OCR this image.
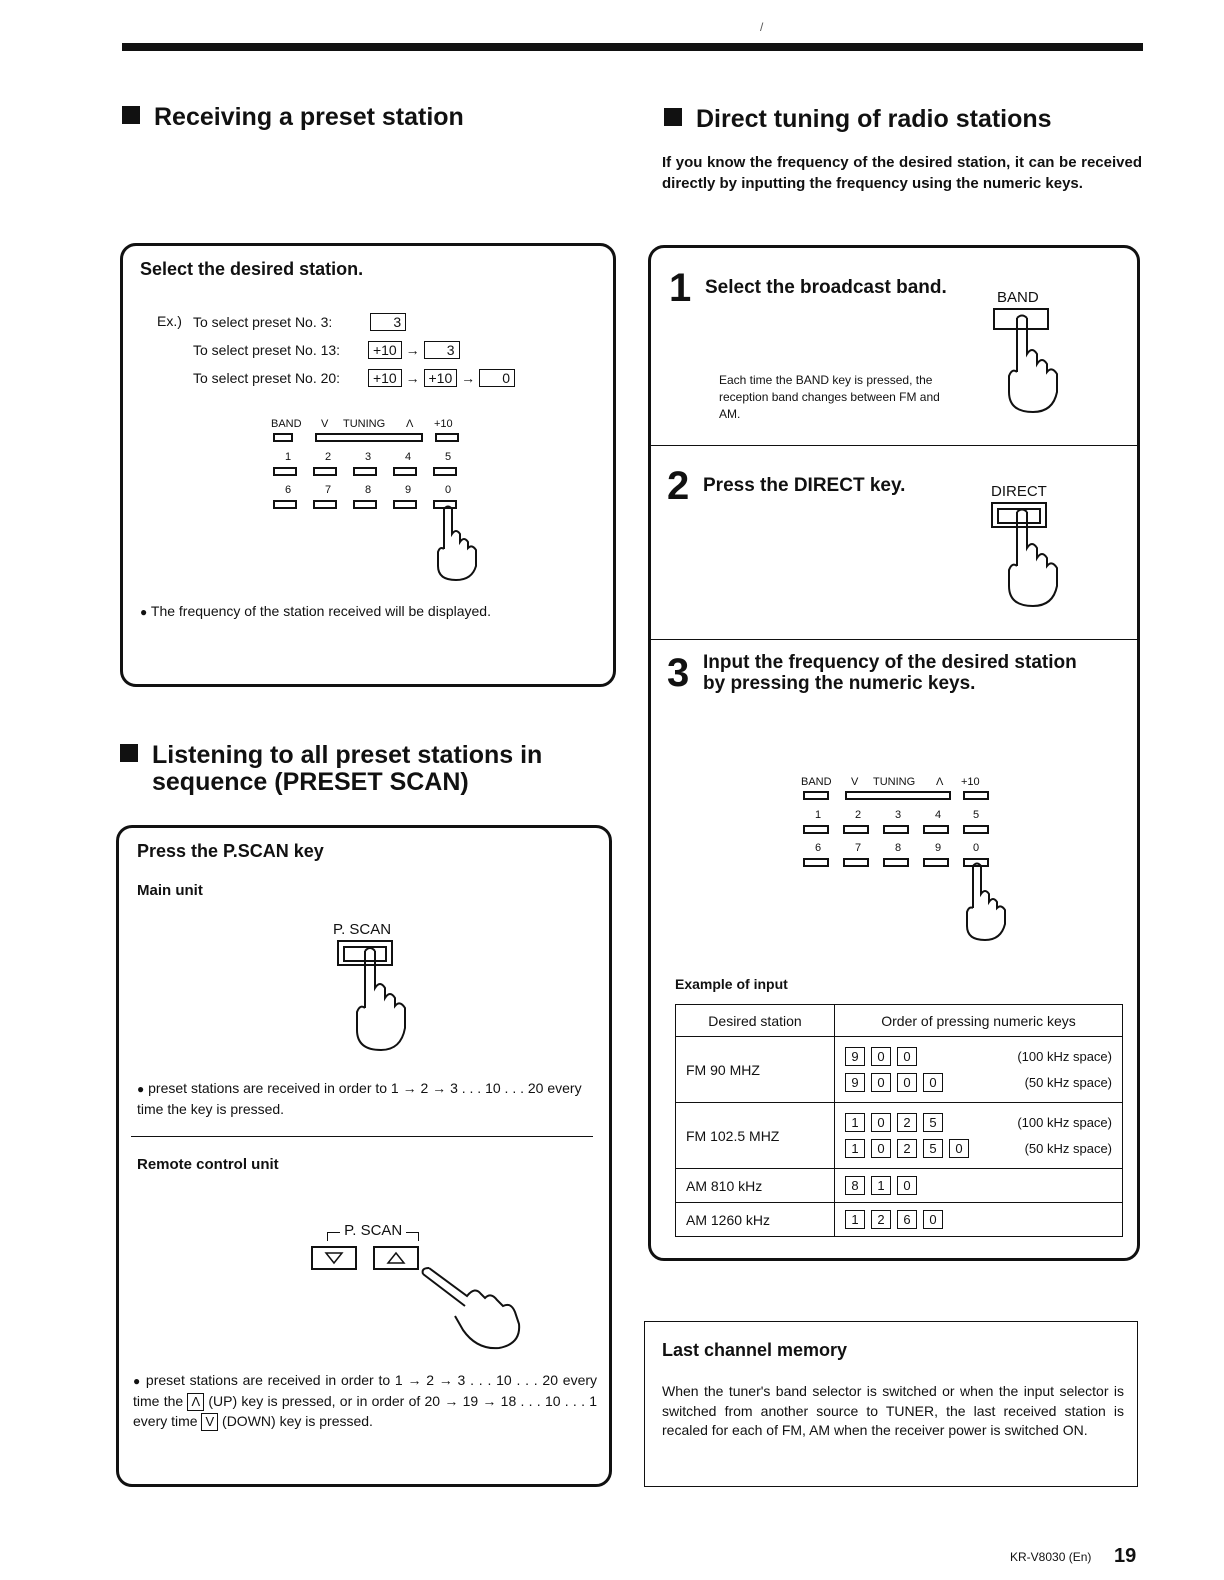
/
Receiving a preset station
Select the desired station.
Ex.) To select preset No. 3:	3
To select preset No. 13: +10 → 3
To select preset No. 20: +10 → +10 → 0
BAND V TUNING Λ +10
1	2	3	4	5
6	7	8	9	0
● The frequency of the station received will be displayed.
Listening to all preset stations in
sequence (PRESET SCAN)
Press the P.SCAN key
Main unit
P. SCAN
● preset stations are received in order to 1 → 2 → 3 . . . 10 . . . 20 every time the key is pressed.
Remote control unit
P. SCAN
● preset stations are received in order to 1 → 2 → 3 . . . 10 . . . 20 every time the Λ (UP) key is pressed, or in order of 20 → 19 → 18 . . . 10 . . . 1 every time V (DOWN) key is pressed.
Direct tuning of radio stations
If you know the frequency of the desired station, it can be received directly by inputting the frequency using the numeric keys.
1 Select the broadcast band.	BAND
Each time the BAND key is pressed, the reception band changes between FM and AM.
2 Press the DIRECT key.	DIRECT
3 Input the frequency of the desired station
by pressing the numeric keys.
BAND V TUNING Λ +10
1	2	3	4	5
6	7	8	9	0
Example of input
Desired station	Order of pressing numeric keys
FM 90 MHZ	9 0 0 (100 kHz space)
9 0 0 0 (50 kHz space)

FM 102.5 MHZ	1 0 2 5 (100 kHz space)
1 0 2 5 0 (50 kHz space)

AM 810 kHz	8 1 0
AM 1260 kHz	1 2 6 0
Last channel memory
When the tuner's band selector is switched or when the input selector is switched from another source to TUNER, the last received station is recaled for each of FM, AM when the receiver power is switched ON.
KR-V8030 (En) 19
